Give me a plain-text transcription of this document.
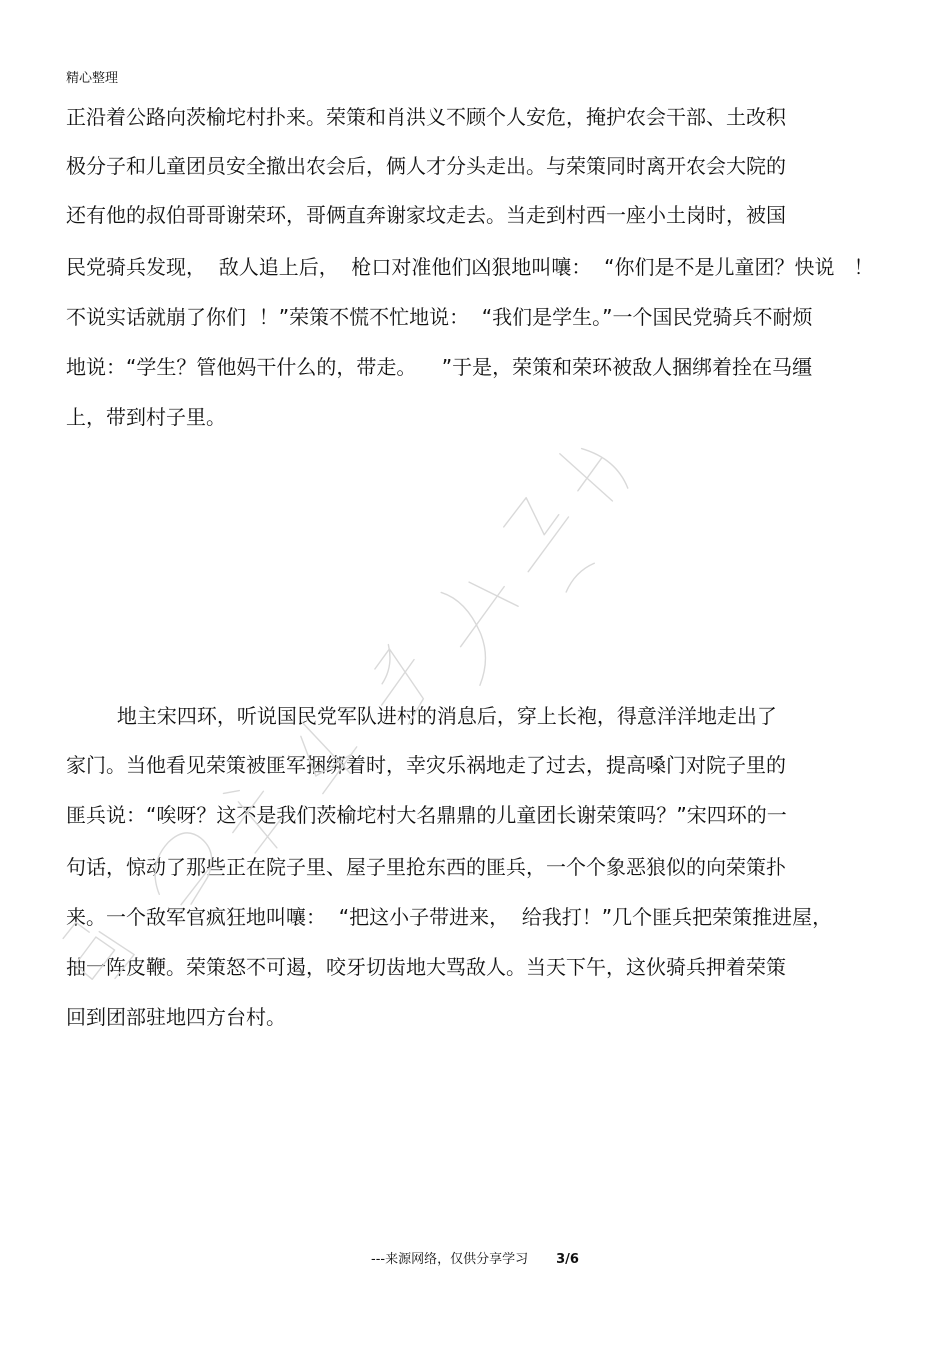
精心整理
正沿着公路向茨榆坨村扑来。荣策和肖洪义不顾个人安危，掩护农会干部、土改积
极分子和儿童团员安全撤出农会后，俩人才分头走出。与荣策同时离开农会大院的
还有他的叔伯哥哥谢荣环，哥俩直奔谢家坟走去。当走到村西一座小土岗时，被国
民党骑兵发现，  敌人追上后，  枪口对准他们凶狠地叫嚷：  “你们是不是儿童团？快说   ！
不说实话就崩了你们  ！”荣策不慌不忙地说：  “我们是学生。”一个国民党骑兵不耐烦
地说：“学生？管他妈干什么的，带走。    ”于是，荣策和荣环被敌人捆绑着拴在马缰
上，带到村子里。
地主宋四环，听说国民党军队进村的消息后，穿上长袍，得意洋洋地走出了
家门。当他看见荣策被匪军捆绑着时，幸灾乐祸地走了过去，提高嗓门对院子里的
匪兵说：“唉呀？这不是我们茨榆坨村大名鼎鼎的儿童团长谢荣策吗？”宋四环的一
句话，惊动了那些正在院子里、屋子里抢东西的匪兵，一个个象恶狼似的向荣策扑
来。一个敌军官疯狂地叫嚷：  “把这小子带进来，  给我打！”几个匪兵把荣策推进屋，
抽一阵皮鞭。荣策怒不可遏，咬牙切齿地大骂敌人。当天下午，这伙骑兵押着荣策
回到团部驻地四方台村。
---来源网络，仅供分享学习 3/6
